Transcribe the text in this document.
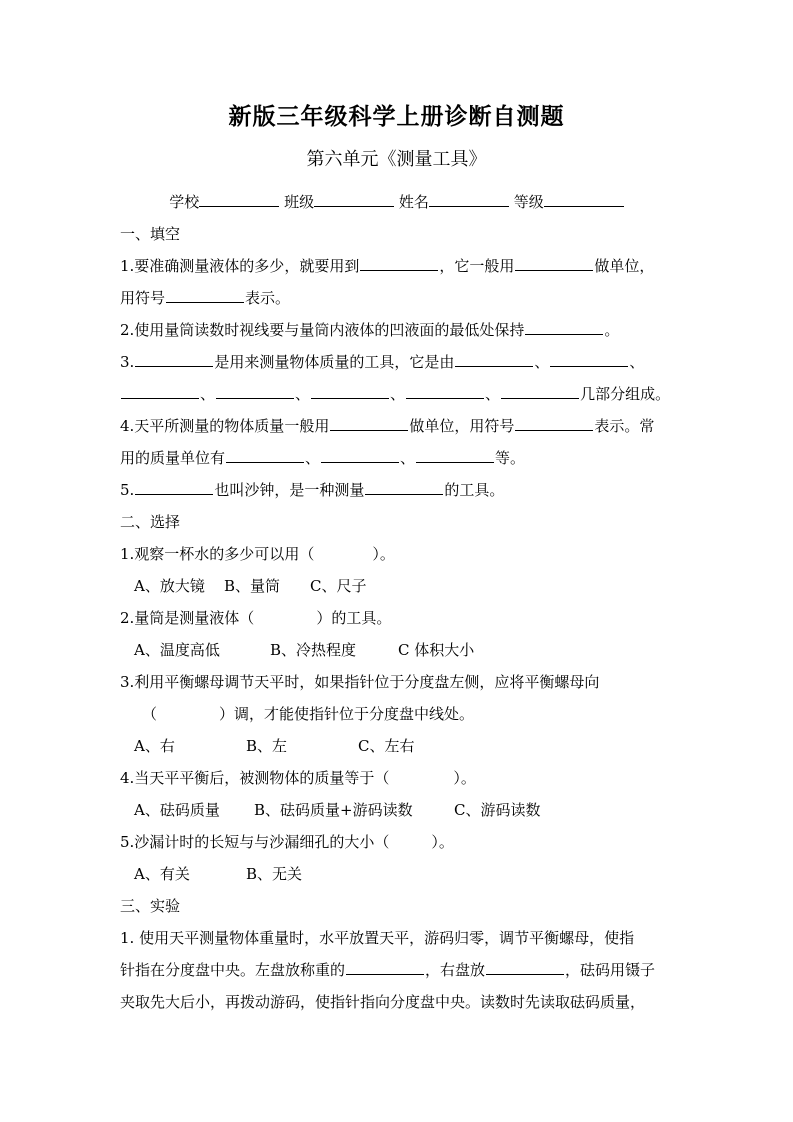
新版三年级科学上册诊断自测题
第六单元《测量工具》
学校	班级	姓名	等级
一、填空
1.要准确测量液体的多少，就要用到	，它一般用	做单位，
用符号	表示。
2.使用量筒读数时视线要与量筒内液体的凹液面的最低处保持	。
3.	是用来测量物体质量的工具，它是由	、	、
、	、	、	、	几部分组成。
4.天平所测量的物体质量一般用	做单位，用符号	表示。常
用的质量单位有	、	、	等。
5.	也叫沙钟，是一种测量	的工具。
二、选择
1.观察一杯水的多少可以用（	）。
A、放大镜 B、量筒 C、尺子
2.量筒是测量液体（	）的工具。
A、温度高低	B、冷热程度	C 体积大小
3.利用平衡螺母调节天平时，如果指针位于分度盘左侧，应将平衡螺母向
（	）调，才能使指针位于分度盘中线处。
A、右	B、左	C、左右
4.当天平平衡后，被测物体的质量等于（	）。
A、砝码质量 B、砝码质量+游码读数	C、游码读数
5.沙漏计时的长短与与沙漏细孔的大小（	）。
A、有关	B、无关
三、实验
1. 使用天平测量物体重量时，水平放置天平，游码归零，调节平衡螺母，使指
针指在分度盘中央。左盘放称重的	，右盘放	，砝码用镊子
夹取先大后小，再拨动游码，使指针指向分度盘中央。读数时先读取砝码质量，
